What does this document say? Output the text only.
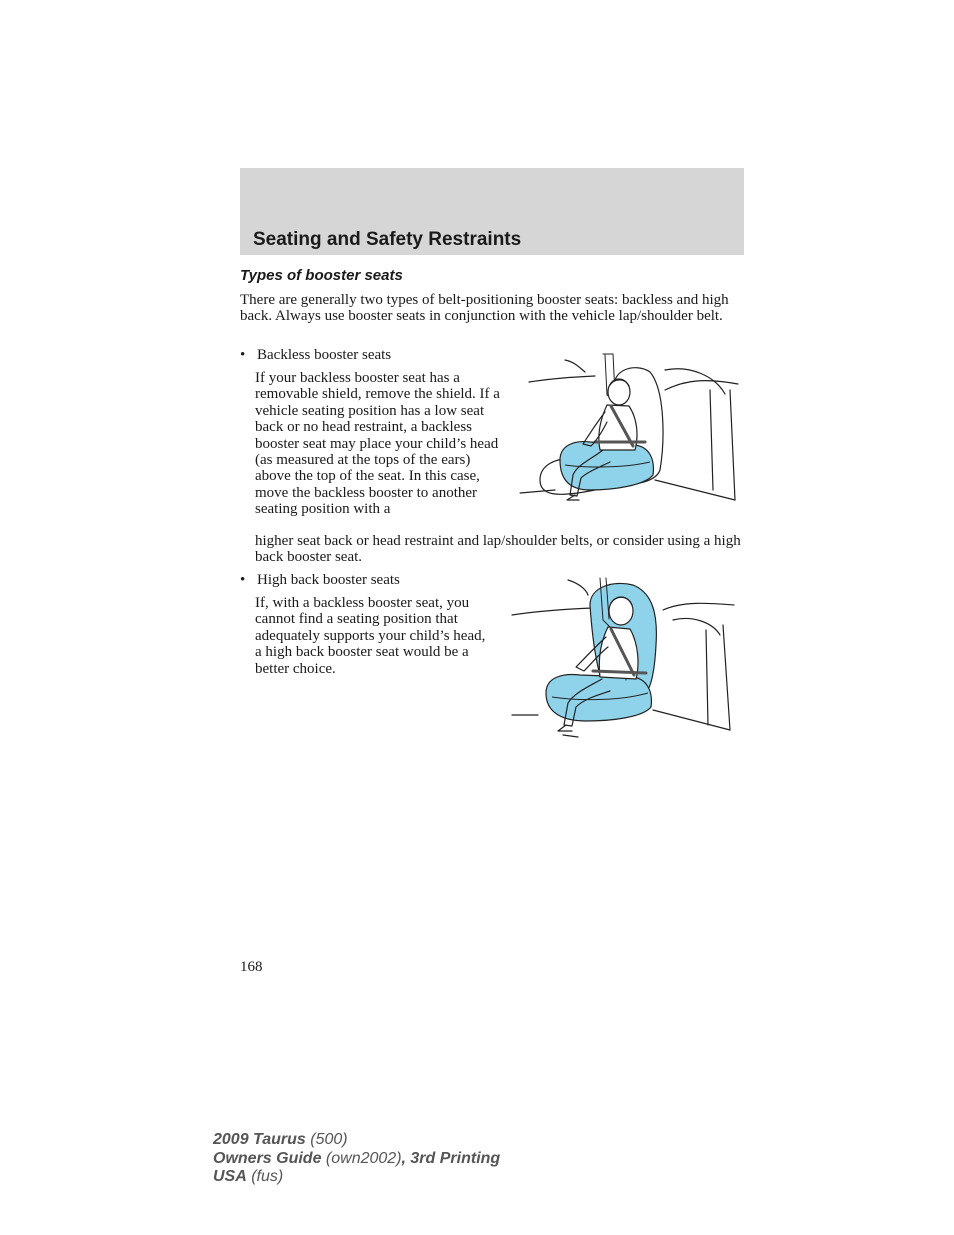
Seating and Safety Restraints
Types of booster seats

There are generally two types of belt-positioning booster seats: backless and high back. Always use booster seats in conjunction with the vehicle lap/shoulder belt.

• Backless booster seats

If your backless booster seat has a removable shield, remove the shield. If a vehicle seating position has a low seat back or no head restraint, a backless booster seat may place your child’s head (as measured at the tops of the ears) above the top of the seat. In this case, move the backless booster to another seating position with a

higher seat back or head restraint and lap/shoulder belts, or consider using a high back booster seat.

• High back booster seats

If, with a backless booster seat, you cannot find a seating position that adequately supports your child’s head, a high back booster seat would be a better choice.

168
2009 Taurus (500)
Owners Guide (own2002), 3rd Printing
USA (fus)
